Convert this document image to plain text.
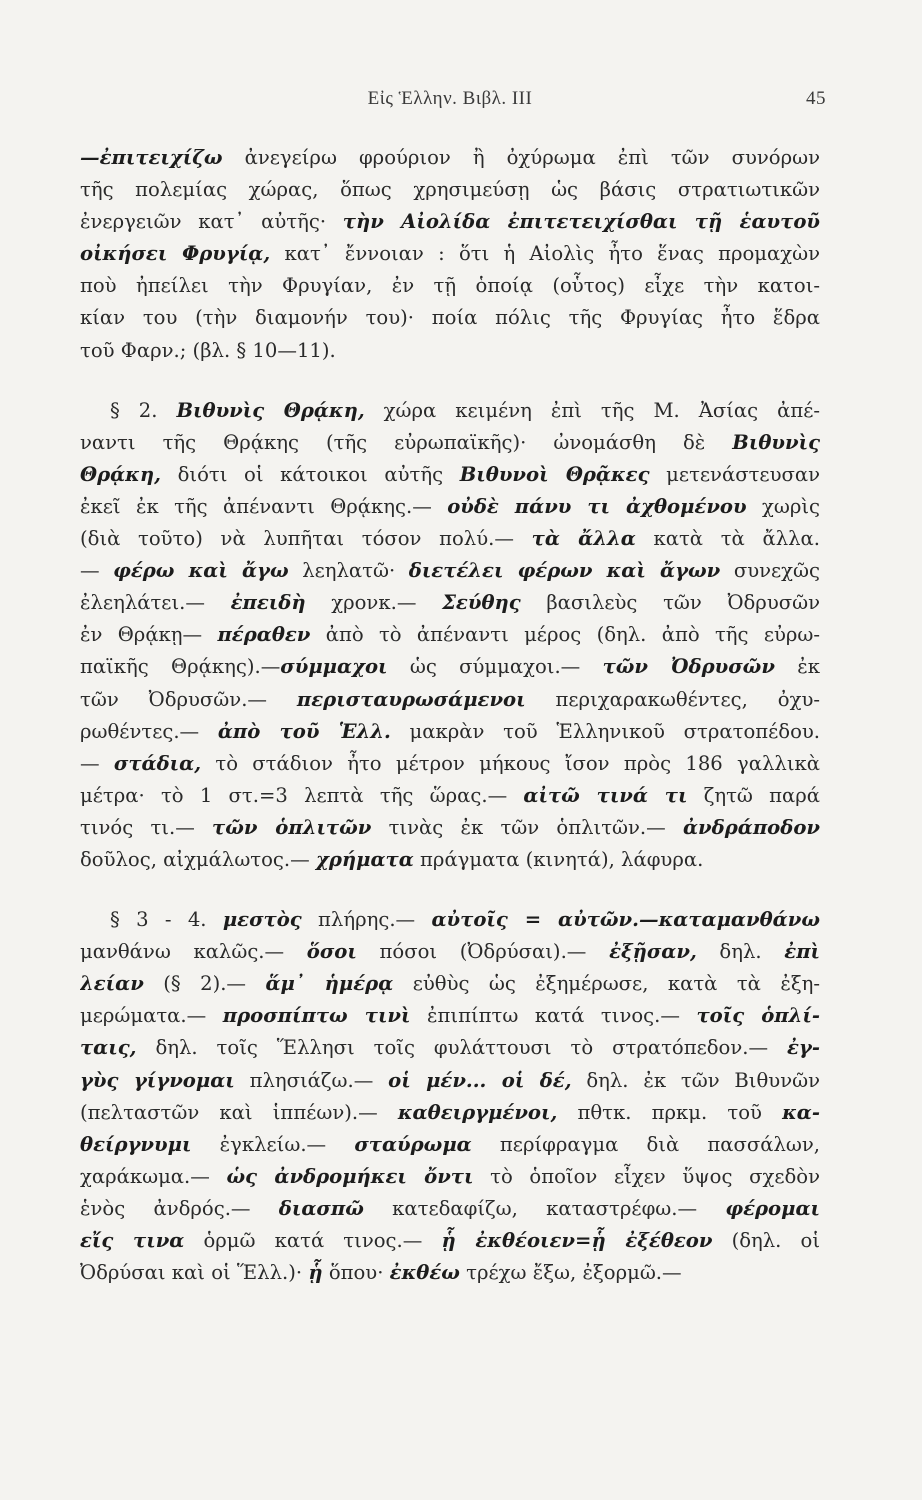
Εἰς Ἑλλην. Βιβλ. III	45
—ἐπιτειχίζω ἀνεγείρω φρούριον ἢ ὀχύρωμα ἐπὶ τῶν συνόρων
τῆς πολεμίας χώρας, ὅπως χρησιμεύσῃ ὡς βάσις στρατιωτικῶν
ἐνεργειῶν κατ᾽ αὐτῆς· τὴν Αἰολίδα ἐπιτετειχίσθαι τῇ ἑαυτοῦ
οἰκήσει Φρυγίᾳ, κατ᾽ ἔννοιαν : ὅτι ἡ Αἰολὶς ἦτο ἕνας προμαχὼν
ποὺ ἠπείλει τὴν Φρυγίαν, ἐν τῇ ὁποίᾳ (οὗτος) εἶχε τὴν κατοι-
κίαν του (τὴν διαμονήν του)· ποία πόλις τῆς Φρυγίας ἦτο ἕδρα
τοῦ Φαρν.; (βλ. § 10—11).
§ 2. Βιθυνὶς Θρᾴκη, χώρα κειμένη ἐπὶ τῆς Μ. Ἀσίας ἀπέ-
ναντι τῆς Θρᾴκης (τῆς εὐρωπαϊκῆς)· ὠνομάσθη δὲ Βιθυνὶς
Θρᾴκη, διότι οἱ κάτοικοι αὐτῆς Βιθυνοὶ Θρᾷκες μετενάστευσαν
ἐκεῖ ἐκ τῆς ἀπέναντι Θρᾴκης.— οὐδὲ πάνυ τι ἀχθομένου χωρὶς
(διὰ τοῦτο) νὰ λυπῆται τόσον πολύ.— τὰ ἄλλα κατὰ τὰ ἄλλα.
— φέρω καὶ ἄγω λεηλατῶ· διετέλει φέρων καὶ ἄγων συνεχῶς
ἐλεηλάτει.— ἐπειδὴ χρονκ.— Σεύθης βασιλεὺς τῶν Ὀδρυσῶν
ἐν Θρᾴκῃ— πέραθεν ἀπὸ τὸ ἀπέναντι μέρος (δηλ. ἀπὸ τῆς εὐρω-
παϊκῆς Θρᾴκης).—σύμμαχοι ὡς σύμμαχοι.— τῶν Ὀδρυσῶν ἐκ
τῶν Ὀδρυσῶν.— περισταυρωσάμενοι περιχαρακωθέντες, ὀχυ-
ρωθέντες.— ἀπὸ τοῦ Ἑλλ. μακρὰν τοῦ Ἑλληνικοῦ στρατοπέδου.
— στάδια, τὸ στάδιον ἦτο μέτρον μήκους ἴσον πρὸς 186 γαλλικὰ
μέτρα· τὸ 1 στ.=3 λεπτὰ τῆς ὥρας.— αἰτῶ τινά τι ζητῶ παρά
τινός τι.— τῶν ὁπλιτῶν τινὰς ἐκ τῶν ὁπλιτῶν.— ἀνδράποδον
δοῦλος, αἰχμάλωτος.— χρήματα πράγματα (κινητά), λάφυρα.
§ 3 - 4. μεστὸς πλήρης.— αὐτοῖς = αὐτῶν.—καταμανθάνω
μανθάνω καλῶς.— ὅσοι πόσοι (Ὀδρύσαι).— ἐξῇσαν, δηλ. ἐπὶ
λείαν (§ 2).— ἅμ᾽ ἡμέρᾳ εὐθὺς ὡς ἐξημέρωσε, κατὰ τὰ ἐξη-
μερώματα.— προσπίπτω τινὶ ἐπιπίπτω κατά τινος.— τοῖς ὁπλί-
ταις, δηλ. τοῖς Ἕλλησι τοῖς φυλάττουσι τὸ στρατόπεδον.— ἐγ-
γὺς γίγνομαι πλησιάζω.— οἱ μέν... οἱ δέ, δηλ. ἐκ τῶν Βιθυνῶν
(πελταστῶν καὶ ἱππέων).— καθειργμένοι, πθτκ. πρκμ. τοῦ κα-
θείργνυμι ἐγκλείω.— σταύρωμα περίφραγμα διὰ πασσάλων,
χαράκωμα.— ὡς ἀνδρομήκει ὄντι τὸ ὁποῖον εἶχεν ὕψος σχεδὸν
ἑνὸς ἀνδρός.— διασπῶ κατεδαφίζω, καταστρέφω.— φέρομαι
εἴς τινα ὁρμῶ κατά τινος.— ᾗ ἐκθέοιεν=ᾗ ἐξέθεον (δηλ. οἱ
Ὀδρύσαι καὶ οἱ Ἕλλ.)· ᾗ ὅπου· ἐκθέω τρέχω ἔξω, ἐξορμῶ.—
